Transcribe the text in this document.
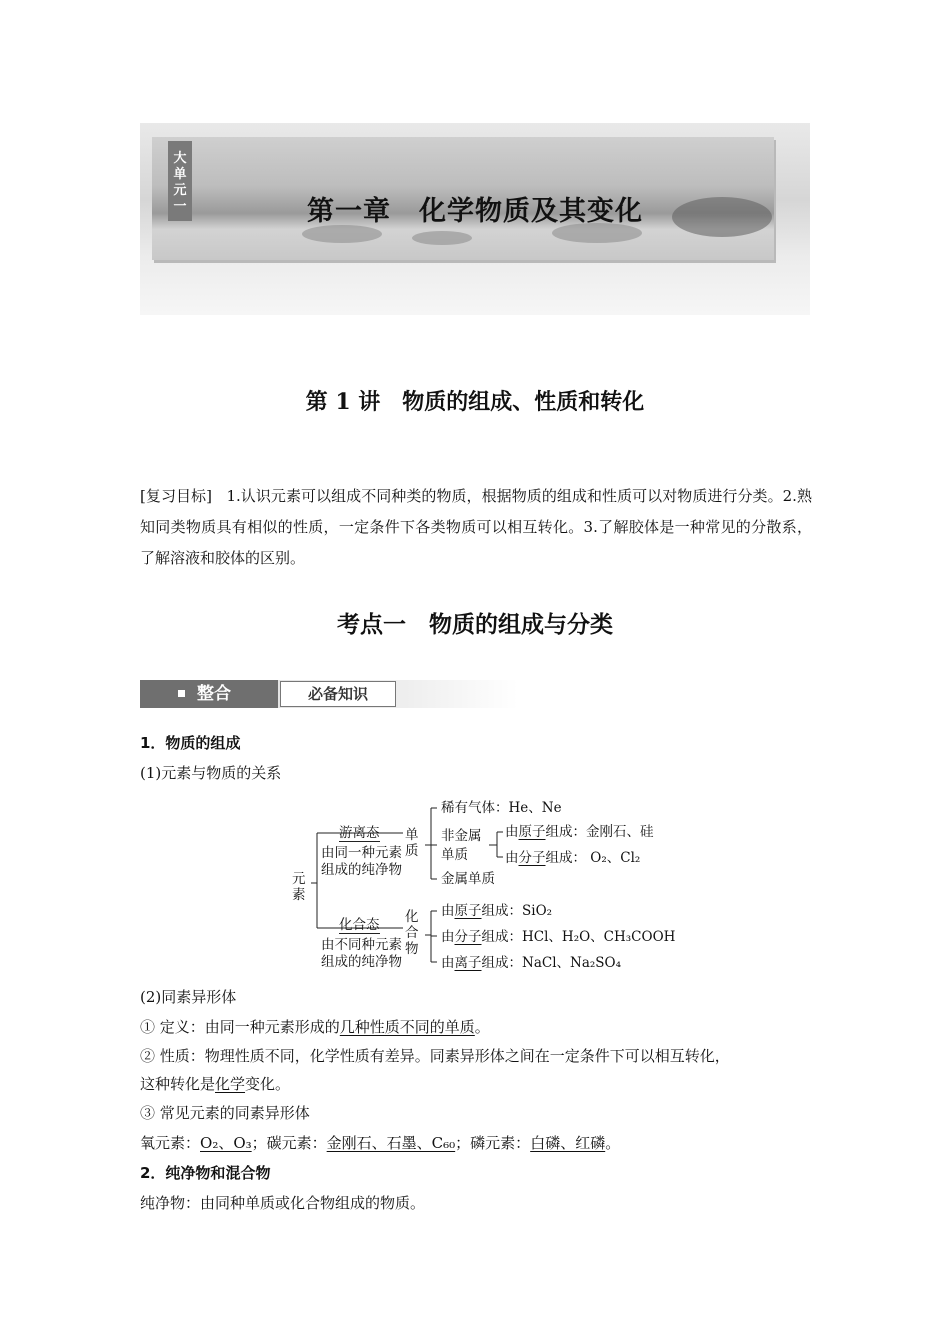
大单元一	第一章　化学物质及其变化
第 1 讲　物质的组成、性质和转化
[复习目标] 1.认识元素可以组成不同种类的物质，根据物质的组成和性质可以对物质进行分类。2.熟知同类物质具有相似的性质，一定条件下各类物质可以相互转化。3.了解胶体是一种常见的分散系，了解溶液和胶体的区别。
考点一　物质的组成与分类
整合	必备知识
1．物质的组成
(1)元素与物质的关系
元素
游离态
由同一种元素
组成的纯净物
化合态
由不同种元素
组成的纯净物
单质
化合物
稀有气体：He、Ne
非金属
单质
由原子组成：金刚石、硅
由分子组成： O₂、Cl₂
金属单质
由原子组成：SiO₂
由分子组成：HCl、H₂O、CH₃COOH
由离子组成：NaCl、Na₂SO₄
(2)同素异形体
① 定义：由同一种元素形成的几种性质不同的单质。
② 性质：物理性质不同，化学性质有差异。同素异形体之间在一定条件下可以相互转化，
这种转化是化学变化。
③ 常见元素的同素异形体
氧元素：O₂、O₃；碳元素：金刚石、石墨、C₆₀；磷元素：白磷、红磷。
2．纯净物和混合物
纯净物：由同种单质或化合物组成的物质。
